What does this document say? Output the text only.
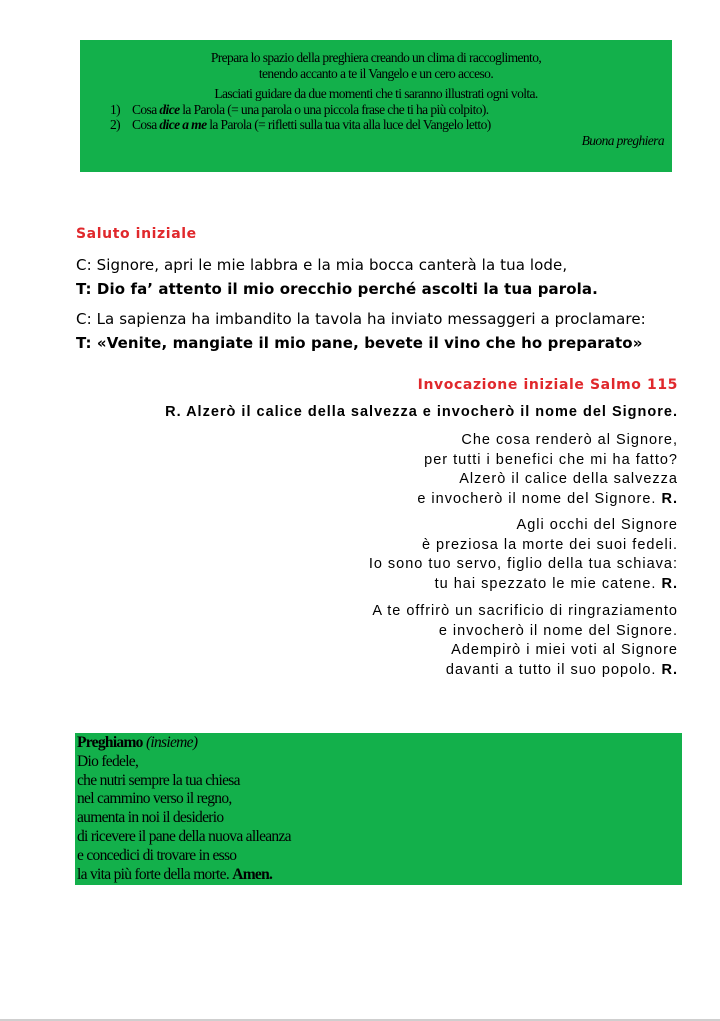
Prepara lo spazio della preghiera creando un clima di raccoglimento,
tenendo accanto a te il Vangelo e un cero acceso.
Lasciati guidare da due momenti che ti saranno illustrati ogni volta.
1) Cosa dice la Parola (= una parola o una piccola frase che ti ha più colpito).
2) Cosa dice a me la Parola (= rifletti sulla tua vita alla luce del Vangelo letto)
Buona preghiera
Saluto iniziale
C: Signore, apri le mie labbra e la mia bocca canterà la tua lode,
T: Dio fa’ attento il mio orecchio perché ascolti la tua parola.
C: La sapienza ha imbandito la tavola ha inviato messaggeri a proclamare:
T: «Venite, mangiate il mio pane, bevete il vino che ho preparato»
Invocazione iniziale Salmo 115
R. Alzerò il calice della salvezza e invocherò il nome del Signore.
Che cosa renderò al Signore,
per tutti i benefici che mi ha fatto?
Alzerò il calice della salvezza
e invocherò il nome del Signore. R.
Agli occhi del Signore
è preziosa la morte dei suoi fedeli.
Io sono tuo servo, figlio della tua schiava:
tu hai spezzato le mie catene. R.
A te offrirò un sacrificio di ringraziamento
e invocherò il nome del Signore.
Adempirò i miei voti al Signore
davanti a tutto il suo popolo. R.
Preghiamo (insieme)
Dio fedele,
che nutri sempre la tua chiesa
nel cammino verso il regno,
aumenta in noi il desiderio
di ricevere il pane della nuova alleanza
e concedici di trovare in esso
la vita più forte della morte. Amen.
